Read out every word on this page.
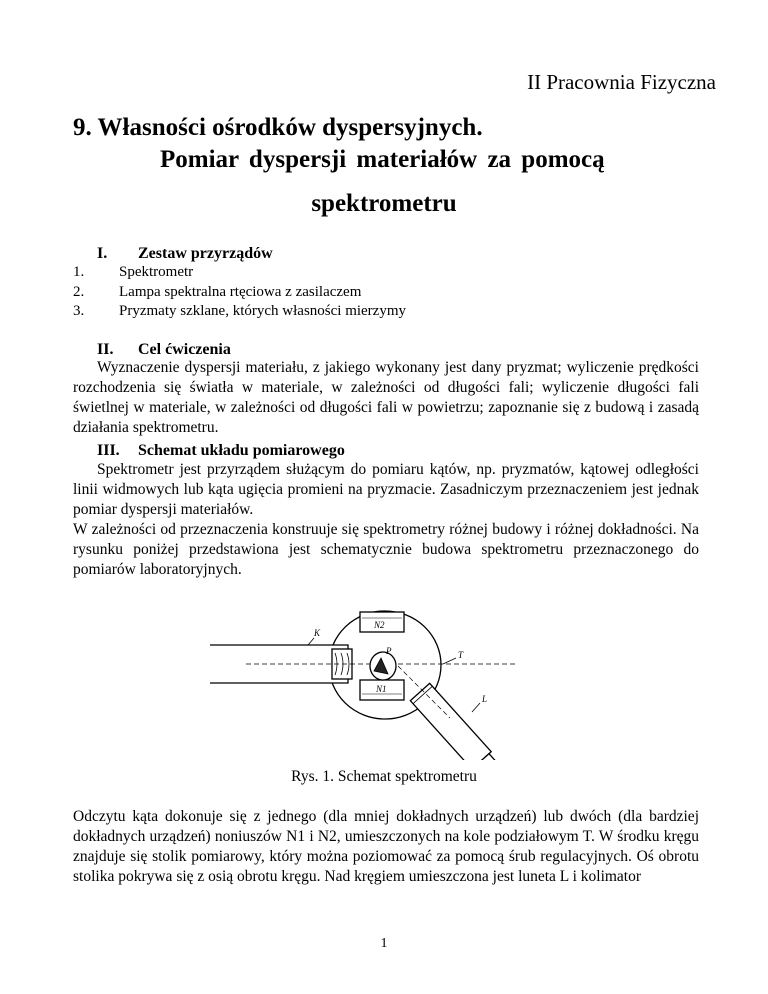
II Pracownia Fizyczna
9. Własności ośrodków dyspersyjnych.
Pomiar dyspersji materiałów za pomocą
spektrometru
I. Zestaw przyrządów
1. Spektrometr
2. Lampa spektralna rtęciowa z zasilaczem
3. Pryzmaty szklane, których własności mierzymy
II. Cel ćwiczenia
Wyznaczenie dyspersji materiału, z jakiego wykonany jest dany pryzmat; wyliczenie prędkości rozchodzenia się światła w materiale, w zależności od długości fali; wyliczenie długości fali świetlnej w materiale, w zależności od długości fali w powietrzu; zapoznanie się z budową i zasadą działania spektrometru.
III. Schemat układu pomiarowego
Spektrometr jest przyrządem służącym do pomiaru kątów, np. pryzmatów, kątowej odległości linii widmowych lub kąta ugięcia promieni na pryzmacie. Zasadniczym przeznaczeniem jest jednak pomiar dyspersji materiałów.
W zależności od przeznaczenia konstruuje się spektrometry różnej budowy i różnej dokładności. Na rysunku poniżej przedstawiona jest schematycznie budowa spektrometru przeznaczonego do pomiarów laboratoryjnych.
K
N2
N1
T
L
P
Rys. 1. Schemat spektrometru
Odczytu kąta dokonuje się z jednego (dla mniej dokładnych urządzeń) lub dwóch (dla bardziej dokładnych urządzeń) noniuszów N1 i N2, umieszczonych na kole podziałowym T. W środku kręgu znajduje się stolik pomiarowy, który można poziomować za pomocą śrub regulacyjnych. Oś obrotu stolika pokrywa się z osią obrotu kręgu. Nad kręgiem umieszczona jest luneta L i kolimator
1
